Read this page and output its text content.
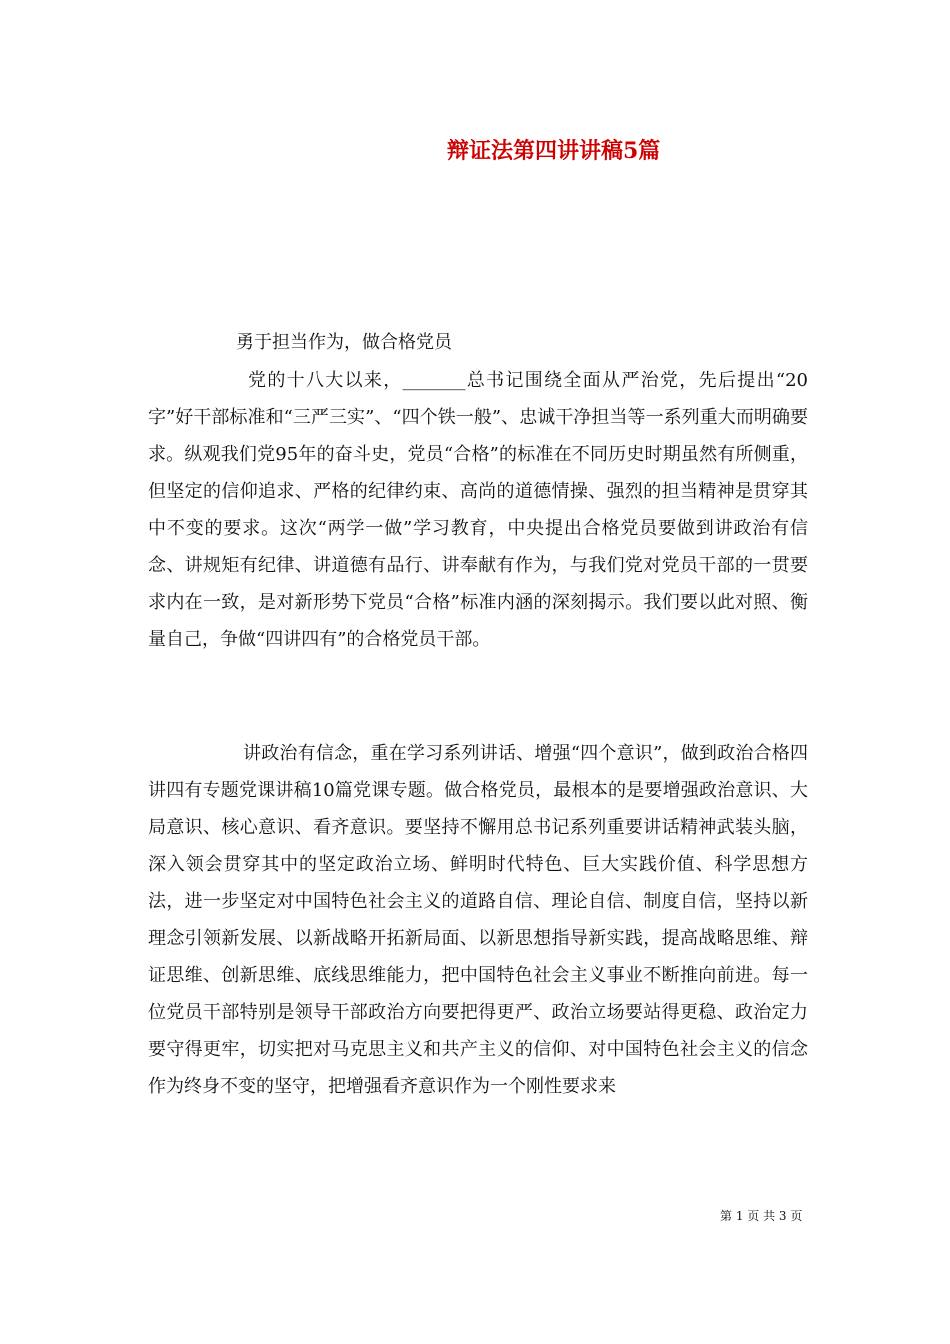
辩证法第四讲讲稿5篇
勇于担当作为，做合格党员

党的十八大以来，_______总书记围绕全面从严治党，先后提出“20字”好干部标准和“三严三实”、“四个铁一般”、忠诚干净担当等一系列重大而明确要求。纵观我们党95年的奋斗史，党员“合格”的标准在不同历史时期虽然有所侧重，但坚定的信仰追求、严格的纪律约束、高尚的道德情操、强烈的担当精神是贯穿其中不变的要求。这次“两学一做”学习教育，中央提出合格党员要做到讲政治有信念、讲规矩有纪律、讲道德有品行、讲奉献有作为，与我们党对党员干部的一贯要求内在一致，是对新形势下党员“合格”标准内涵的深刻揭示。我们要以此对照、衡量自己，争做“四讲四有”的合格党员干部。

讲政治有信念，重在学习系列讲话、增强“四个意识”，做到政治合格四讲四有专题党课讲稿10篇党课专题。做合格党员，最根本的是要增强政治意识、大局意识、核心意识、看齐意识。要坚持不懈用总书记系列重要讲话精神武装头脑，深入领会贯穿其中的坚定政治立场、鲜明时代特色、巨大实践价值、科学思想方法，进一步坚定对中国特色社会主义的道路自信、理论自信、制度自信，坚持以新理念引领新发展、以新战略开拓新局面、以新思想指导新实践，提高战略思维、辩证思维、创新思维、底线思维能力，把中国特色社会主义事业不断推向前进。每一位党员干部特别是领导干部政治方向要把得更严、政治立场要站得更稳、政治定力要守得更牢，切实把对马克思主义和共产主义的信仰、对中国特色社会主义的信念作为终身不变的坚守，把增强看齐意识作为一个刚性要求来

第 1 页 共 3 页
